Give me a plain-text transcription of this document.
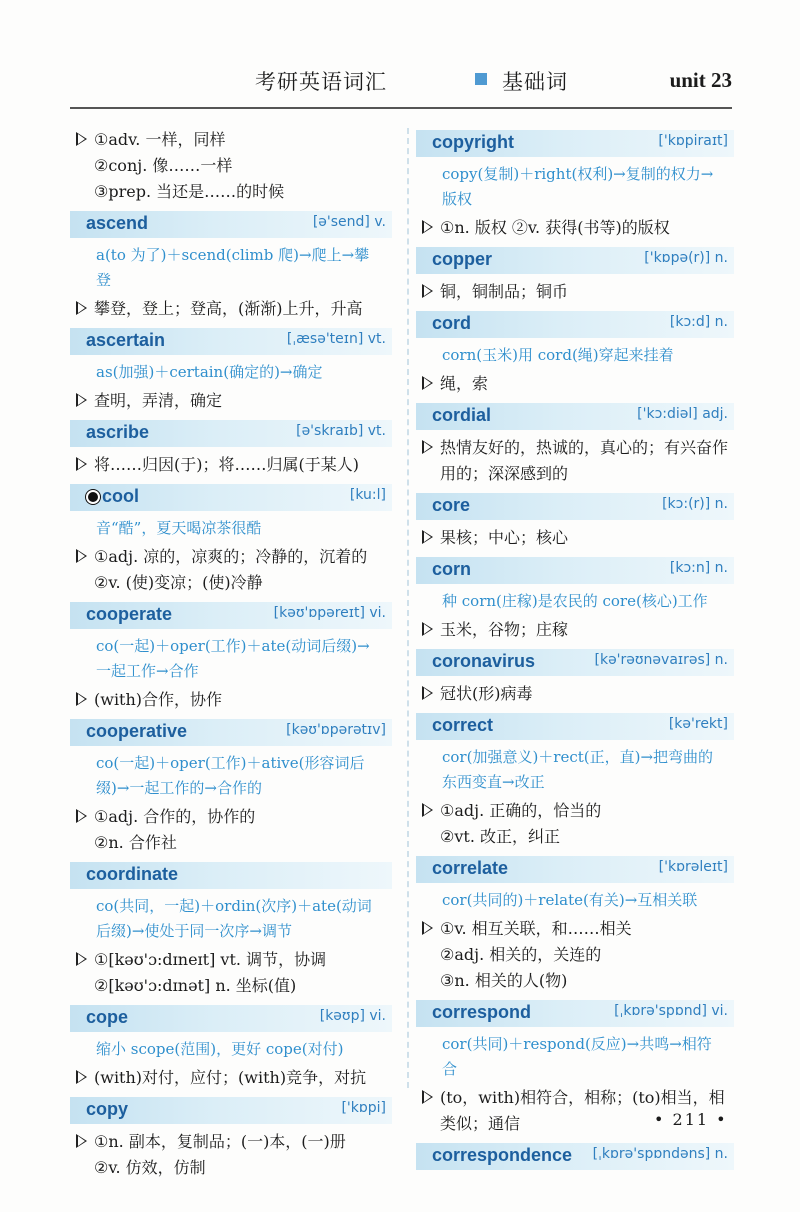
考研英语词汇	基础词	unit 23
①adv. 一样，同样
②conj. 像……一样
③prep. 当还是……的时候
ascend	[ə'send] v.
a(to 为了)＋scend(climb 爬)→爬上→攀登
攀登，登上；登高，(渐渐)上升，升高
ascertain	[ˌæsə'teɪn] vt.
as(加强)＋certain(确定的)→确定
查明，弄清，确定
ascribe	[ə'skraɪb] vt.
将……归因(于)；将……归属(于某人)
cool	[ku:l]
音“酷”，夏天喝凉茶很酷
①adj. 凉的，凉爽的；冷静的，沉着的
②v. (使)变凉；(使)冷静
cooperate	[kəʊ'ɒpəreɪt] vi.
co(一起)＋oper(工作)＋ate(动词后缀)→一起工作→合作
(with)合作，协作
cooperative	[kəʊ'ɒpərətɪv]
co(一起)＋oper(工作)＋ative(形容词后缀)→一起工作的→合作的
①adj. 合作的，协作的
②n. 合作社
coordinate
co(共同，一起)＋ordin(次序)＋ate(动词后缀)→使处于同一次序→调节
①[kəʊ'ɔ:dɪneɪt] vt. 调节，协调
②[kəʊ'ɔ:dɪnət] n. 坐标(值)
cope	[kəʊp] vi.
缩小 scope(范围)，更好 cope(对付)
(with)对付，应付；(with)竞争，对抗
copy	['kɒpi]
①n. 副本，复制品；(一)本，(一)册
②v. 仿效，仿制
copyright	['kɒpiraɪt]
copy(复制)＋right(权利)→复制的权力→版权
①n. 版权 ②v. 获得(书等)的版权
copper	['kɒpə(r)] n.
铜，铜制品；铜币
cord	[kɔ:d] n.
corn(玉米)用 cord(绳)穿起来挂着
绳，索
cordial	['kɔ:diəl] adj.
热情友好的，热诚的，真心的；有兴奋作用的；深深感到的
core	[kɔ:(r)] n.
果核；中心；核心
corn	[kɔ:n] n.
种 corn(庄稼)是农民的 core(核心)工作
玉米，谷物；庄稼
coronavirus	[kə'rəʊnəvaɪrəs] n.
冠状(形)病毒
correct	[kə'rekt]
cor(加强意义)＋rect(正，直)→把弯曲的东西变直→改正
①adj. 正确的，恰当的
②vt. 改正，纠正
correlate	['kɒrəleɪt]
cor(共同的)＋relate(有关)→互相关联
①v. 相互关联，和……相关
②adj. 相关的，关连的
③n. 相关的人(物)
correspond	[ˌkɒrə'spɒnd] vi.
cor(共同)＋respond(反应)→共鸣→相符合
(to，with)相符合，相称；(to)相当，相类似；通信
correspondence [ˌkɒrə'spɒndəns] n.
• 211 •
